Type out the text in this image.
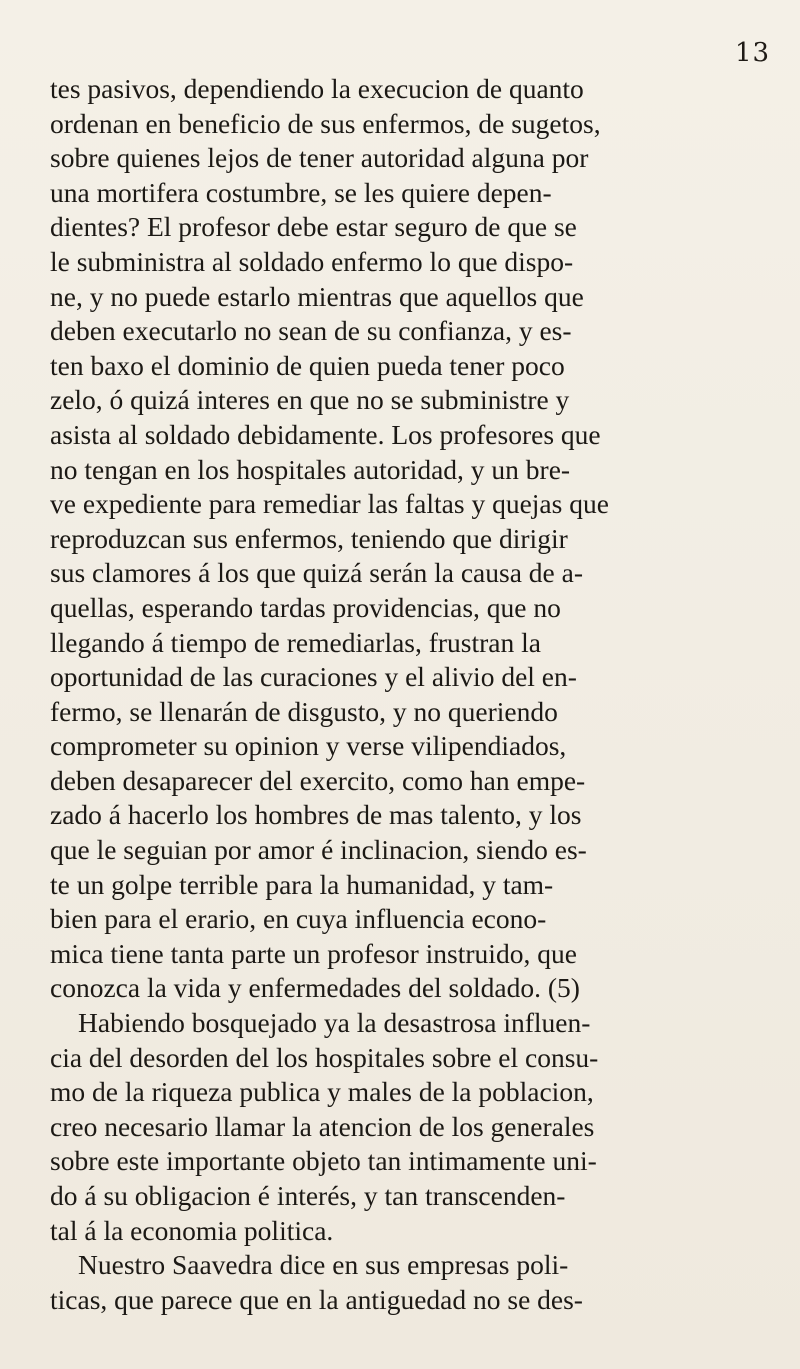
13
tes pasivos, dependiendo la execucion de quanto
ordenan en beneficio de sus enfermos, de sugetos,
sobre quienes lejos de tener autoridad alguna por
una mortifera costumbre, se les quiere depen-
dientes? El profesor debe estar seguro de que se
le subministra al soldado enfermo lo que dispo-
ne, y no puede estarlo mientras que aquellos que
deben executarlo no sean de su confianza, y es-
ten baxo el dominio de quien pueda tener poco
zelo, ó quizá interes en que no se subministre y
asista al soldado debidamente. Los profesores que
no tengan en los hospitales autoridad, y un bre-
ve expediente para remediar las faltas y quejas que
reproduzcan sus enfermos, teniendo que dirigir
sus clamores á los que quizá serán la causa de a-
quellas, esperando tardas providencias, que no
llegando á tiempo de remediarlas, frustran la
oportunidad de las curaciones y el alivio del en-
fermo, se llenarán de disgusto, y no queriendo
comprometer su opinion y verse vilipendiados,
deben desaparecer del exercito, como han empe-
zado á hacerlo los hombres de mas talento, y los
que le seguian por amor é inclinacion, siendo es-
te un golpe terrible para la humanidad, y tam-
bien para el erario, en cuya influencia econo-
mica tiene tanta parte un profesor instruido, que
conozca la vida y enfermedades del soldado. (5)
Habiendo bosquejado ya la desastrosa influen-
cia del desorden del los hospitales sobre el consu-
mo de la riqueza publica y males de la poblacion,
creo necesario llamar la atencion de los generales
sobre este importante objeto tan intimamente uni-
do á su obligacion é interés, y tan transcenden-
tal á la economia politica.
Nuestro Saavedra dice en sus empresas poli-
ticas, que parece que en la antiguedad no se des-
